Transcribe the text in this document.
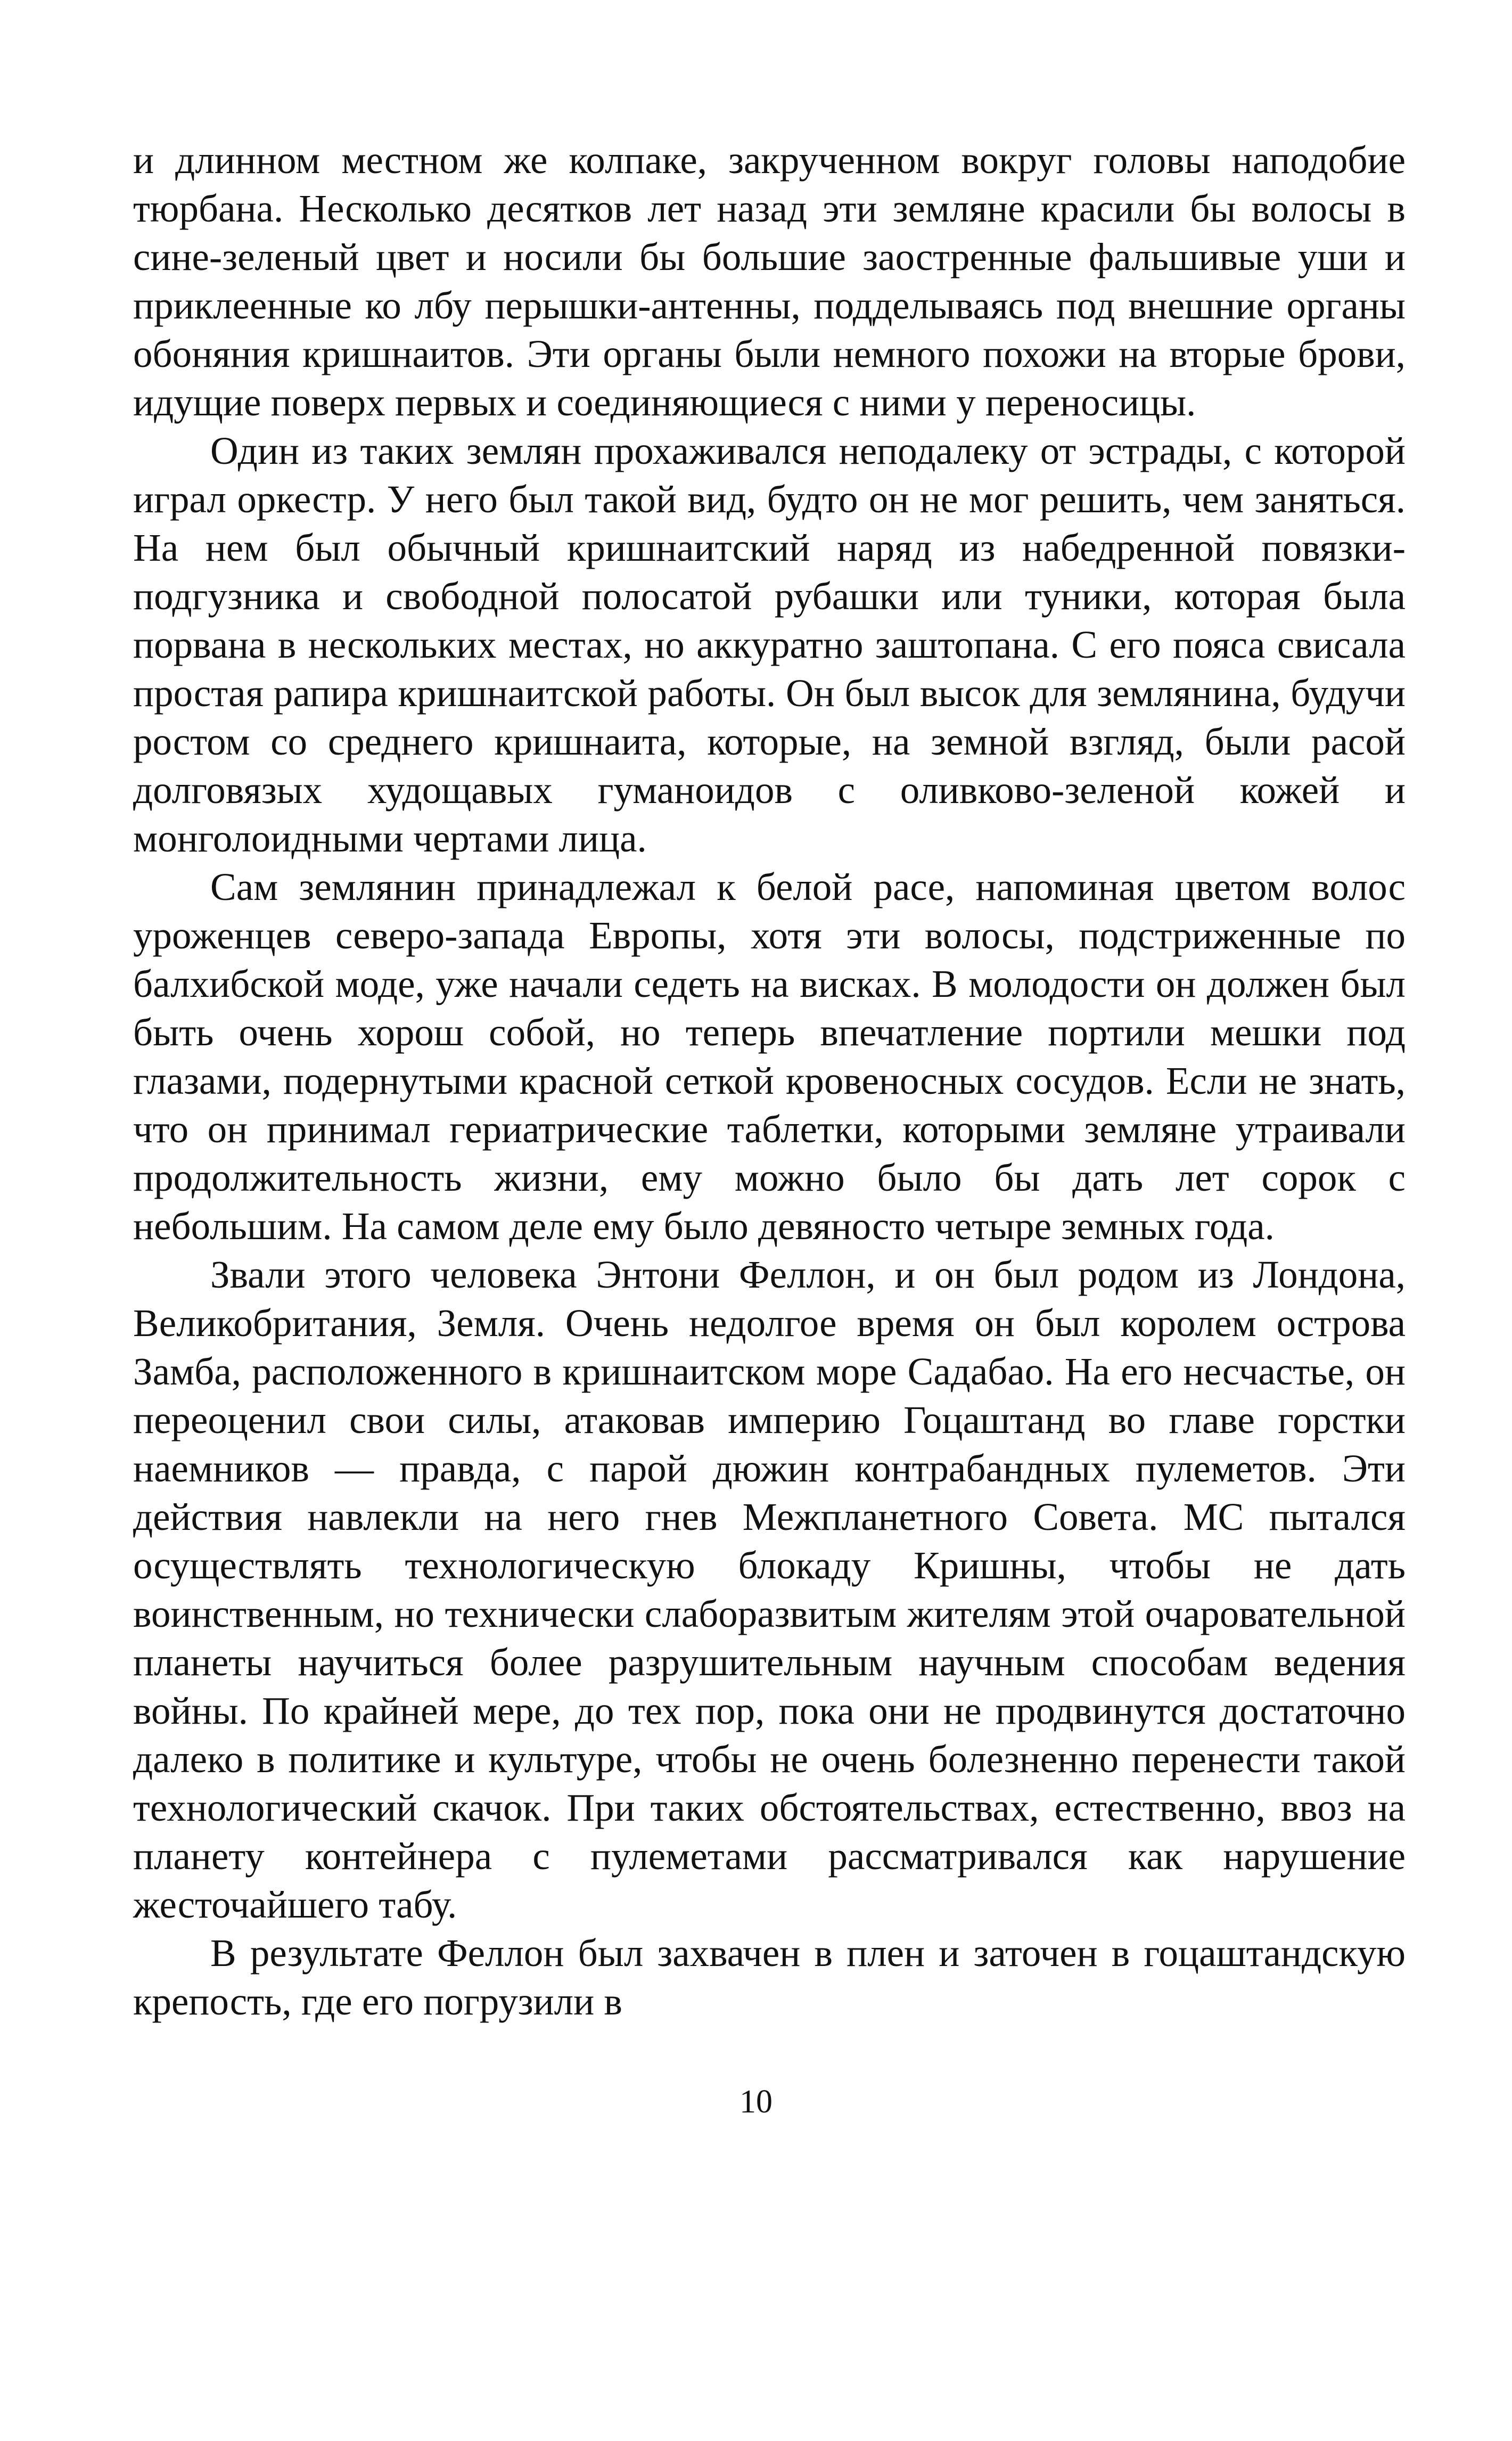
и длинном местном же колпаке, закрученном вокруг головы наподобие тюрбана. Несколько десятков лет назад эти земляне красили бы волосы в сине-зеленый цвет и носили бы большие заостренные фальшивые уши и приклеенные ко лбу перышки-антенны, подделываясь под внешние органы обоняния кришнаитов. Эти органы были немного похожи на вторые брови, идущие поверх первых и соединяющиеся с ними у переносицы.

Один из таких землян прохаживался неподалеку от эстрады, с которой играл оркестр. У него был такой вид, будто он не мог решить, чем заняться. На нем был обычный кришнаитский наряд из набедренной повязки-подгузника и свободной полосатой рубашки или туники, которая была порвана в нескольких местах, но аккуратно заштопана. С его пояса свисала простая рапира кришнаитской работы. Он был высок для землянина, будучи ростом со среднего кришнаита, которые, на земной взгляд, были расой долговязых худощавых гуманоидов с оливково-зеленой кожей и монголоидными чертами лица.

Сам землянин принадлежал к белой расе, напоминая цветом волос уроженцев северо-запада Европы, хотя эти волосы, подстриженные по балхибской моде, уже начали седеть на висках. В молодости он должен был быть очень хорош собой, но теперь впечатление портили мешки под глазами, подернутыми красной сеткой кровеносных сосудов. Если не знать, что он принимал гериатрические таблетки, которыми земляне утраивали продолжительность жизни, ему можно было бы дать лет сорок с небольшим. На самом деле ему было девяносто четыре земных года.

Звали этого человека Энтони Феллон, и он был родом из Лондона, Великобритания, Земля. Очень недолгое время он был королем острова Замба, расположенного в кришнаитском море Садабао. На его несчастье, он переоценил свои силы, атаковав империю Гоцаштанд во главе горстки наемников — правда, с парой дюжин контрабандных пулеметов. Эти действия навлекли на него гнев Межпланетного Совета. МС пытался осуществлять технологическую блокаду Кришны, чтобы не дать воинственным, но технически слаборазвитым жителям этой очаровательной планеты научиться более разрушительным научным способам ведения войны. По крайней мере, до тех пор, пока они не продвинутся достаточно далеко в политике и культуре, чтобы не очень болезненно перенести такой технологический скачок. При таких обстоятельствах, естественно, ввоз на планету контейнера с пулеметами рассматривался как нарушение жесточайшего табу.

В результате Феллон был захвачен в плен и заточен в гоцаштандскую крепость, где его погрузили в

10
